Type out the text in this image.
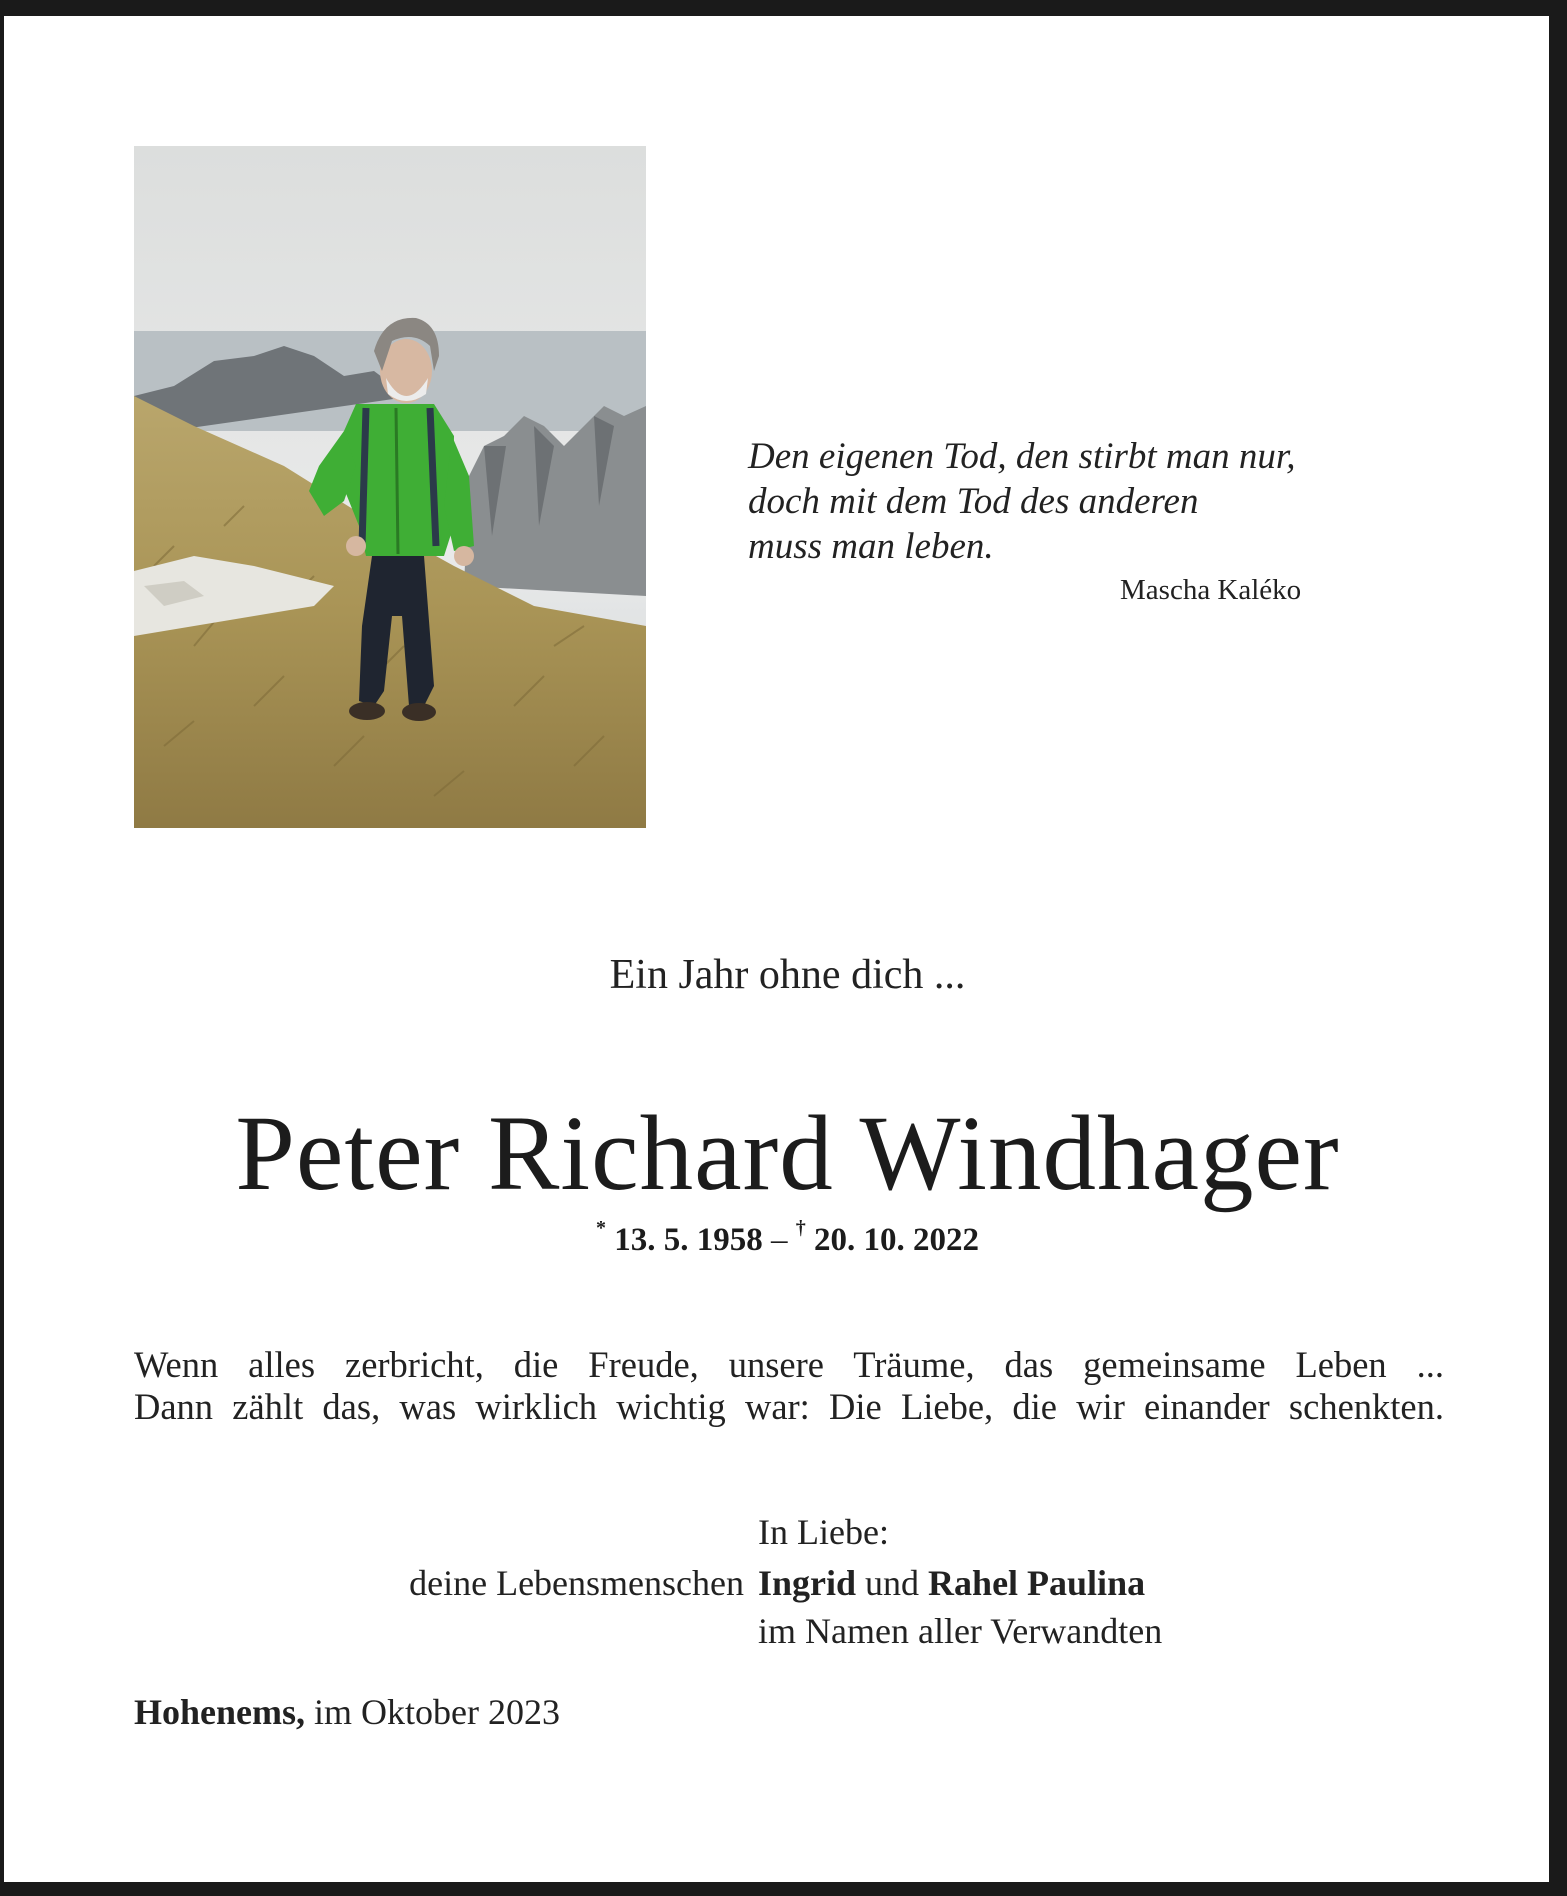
Den eigenen Tod, den stirbt man nur,
doch mit dem Tod des anderen
muss man leben.
Mascha Kaléko
Ein Jahr ohne dich ...
Peter Richard Windhager
* 13. 5. 1958 – † 20. 10. 2022
Wenn alles zerbricht, die Freude, unsere Träume, das gemeinsame Leben ...
Dann zählt das, was wirklich wichtig war: Die Liebe, die wir einander schenkten.
In Liebe:
deine Lebensmenschen Ingrid und Rahel Paulina
im Namen aller Verwandten
Hohenems, im Oktober 2023
